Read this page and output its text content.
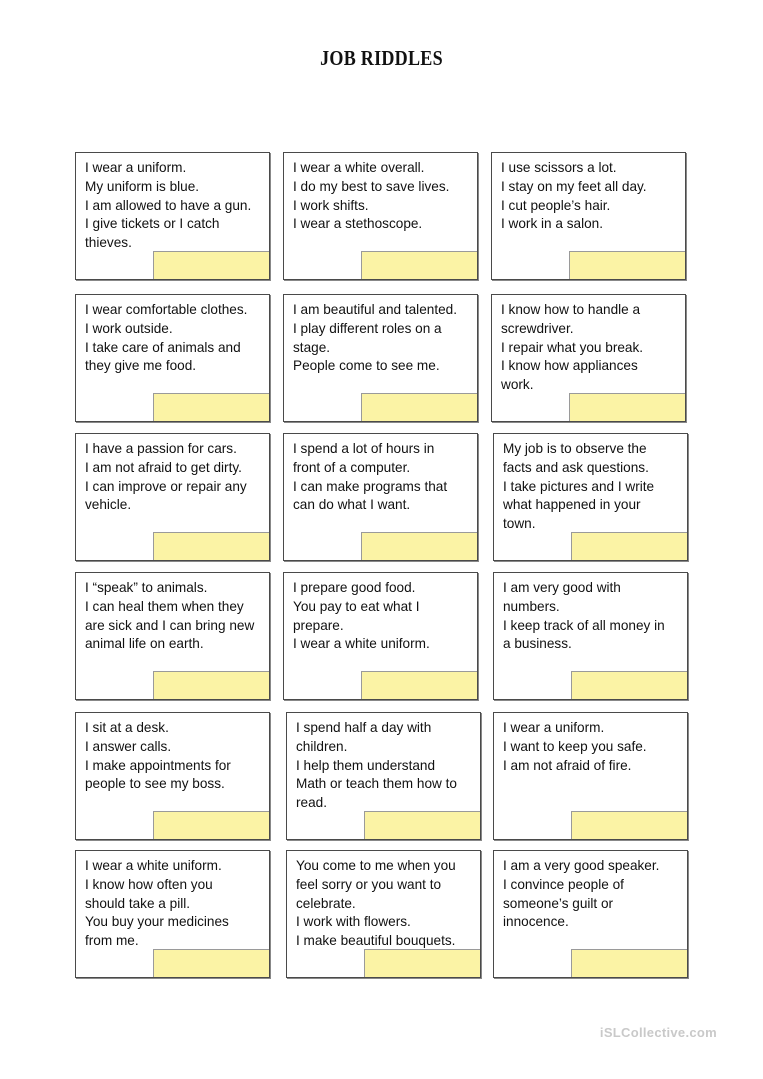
JOB RIDDLES
I wear a uniform.
My uniform is blue.
I am allowed to have a gun.
I give tickets or I catch
thieves.
I wear a white overall.
I do my best to save lives.
I work shifts.
I wear a stethoscope.
I use scissors a lot.
I stay on my feet all day.
I cut people’s hair.
I work in a salon.
I wear comfortable clothes.
I work outside.
I take care of animals and
they give me food.
I am beautiful and talented.
I play different roles on a
stage.
People come to see me.
I know how to handle a
screwdriver.
I repair what you break.
I know how appliances
work.
I have a passion for cars.
I am not afraid to get dirty.
I can improve or repair any
vehicle.
I spend a lot of hours in
front of a computer.
I can make programs that
can do what I want.
My job is to observe the
facts and ask questions.
I take pictures and I write
what happened in your
town.
I “speak” to animals.
I can heal them when they
are sick and I can bring new
animal life on earth.
I prepare good food.
You pay to eat what I
prepare.
I wear a white uniform.
I am very good with
numbers.
I keep track of all money in
a business.
I sit at a desk.
I answer calls.
I make appointments for
people to see my boss.
I spend half a day with
children.
I help them understand
Math or teach them how to
read.
I wear a uniform.
I want to keep you safe.
I am not afraid of fire.
I wear a white uniform.
I know how often you
should take a pill.
You buy your medicines
from me.
You come to me when you
feel sorry or you want to
celebrate.
I work with flowers.
I make beautiful bouquets.
I am a very good speaker.
I convince people of
someone’s guilt or
innocence.
iSLCollective.com
